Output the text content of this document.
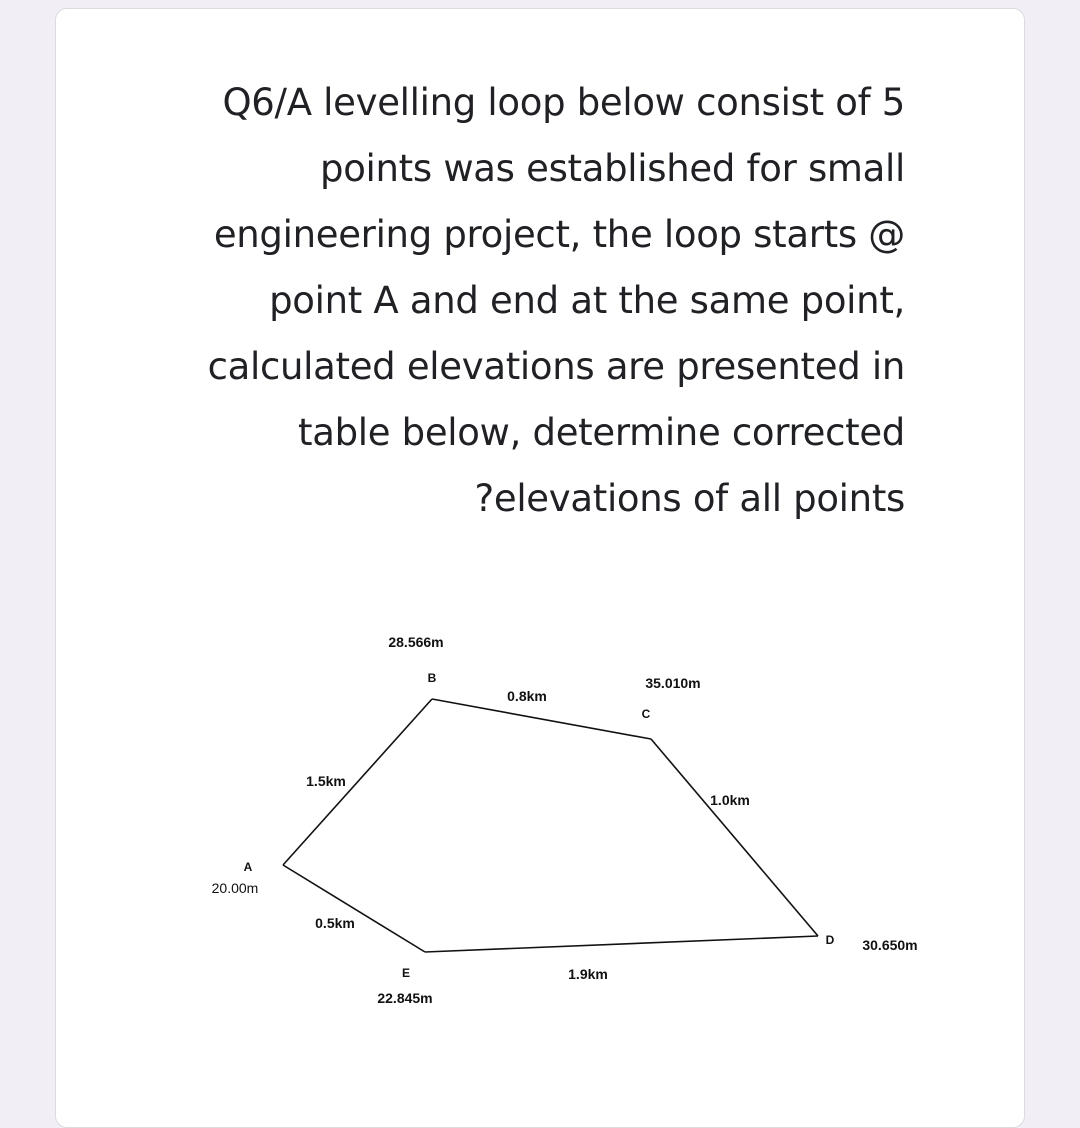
Q6/A levelling loop below consist of 5
points was established for small
engineering project, the loop starts @
point A and end at the same point,
calculated elevations are presented in
table below, determine corrected
?elevations of all points
A
B
C
D
E
20.00m
28.566m
35.010m
30.650m
22.845m
1.5km
0.8km
1.0km
1.9km
0.5km
